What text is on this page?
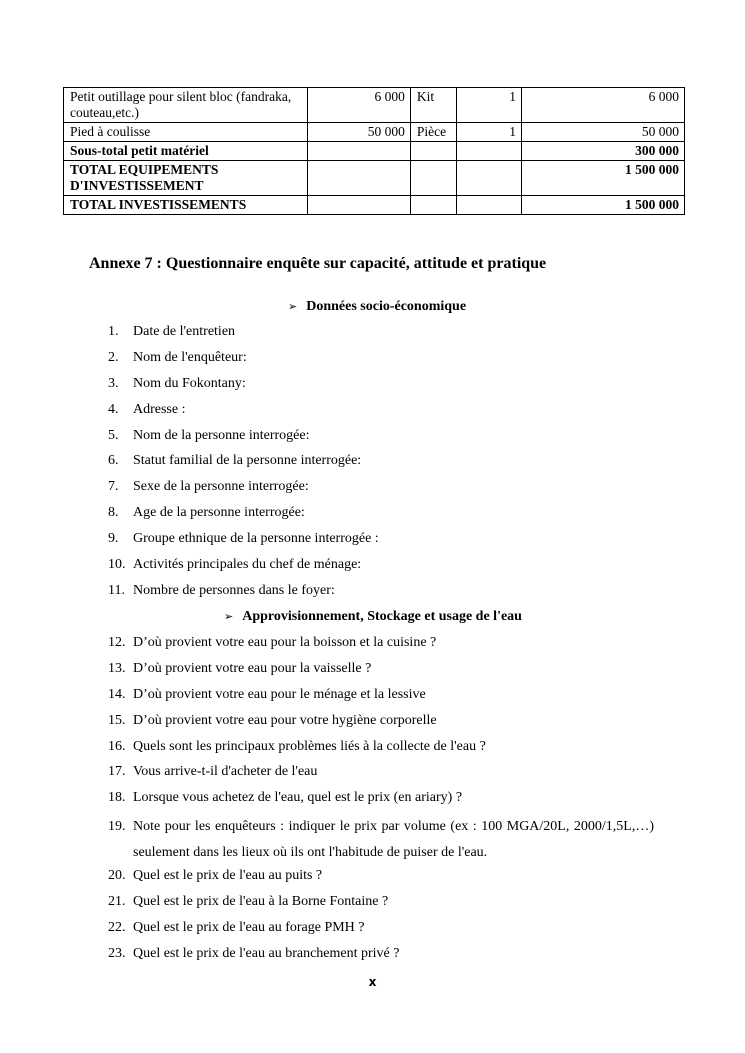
Petit outillage pour silent bloc (fandraka, couteau,etc.)	6 000	Kit	1	6 000
Pied à coulisse	50 000	Pièce	1	50 000
Sous-total petit matériel				300 000
TOTAL EQUIPEMENTS D'INVESTISSEMENT				1 500 000
TOTAL INVESTISSEMENTS				1 500 000
Annexe 7 : Questionnaire enquête sur capacité, attitude et pratique
➢ Données socio-économique
1. Date de l'entretien
2. Nom de l'enquêteur:
3. Nom du Fokontany:
4. Adresse :
5. Nom de la personne interrogée:
6. Statut familial de la personne interrogée:
7. Sexe de la personne interrogée:
8. Age de la personne interrogée:
9. Groupe ethnique de la personne interrogée :
10. Activités principales du chef de ménage:
11. Nombre de personnes dans le foyer:
➢ Approvisionnement, Stockage et usage de l'eau
12. D’où provient votre eau pour la boisson et la cuisine ?
13. D’où provient votre eau pour la vaisselle ?
14. D’où provient votre eau pour le ménage et la lessive
15. D’où provient votre eau pour votre hygiène corporelle
16. Quels sont les principaux problèmes liés à la collecte de l'eau ?
17. Vous arrive-t-il d'acheter de l'eau
18. Lorsque vous achetez de l'eau, quel est le prix (en ariary) ?
19. Note pour les enquêteurs : indiquer le prix par volume (ex : 100 MGA/20L, 2000/1,5L,…) seulement dans les lieux où ils ont l'habitude de puiser de l'eau.
20. Quel est le prix de l'eau au puits ?
21. Quel est le prix de l'eau à la Borne Fontaine ?
22. Quel est le prix de l'eau au forage PMH ?
23. Quel est le prix de l'eau au branchement privé ?
x
